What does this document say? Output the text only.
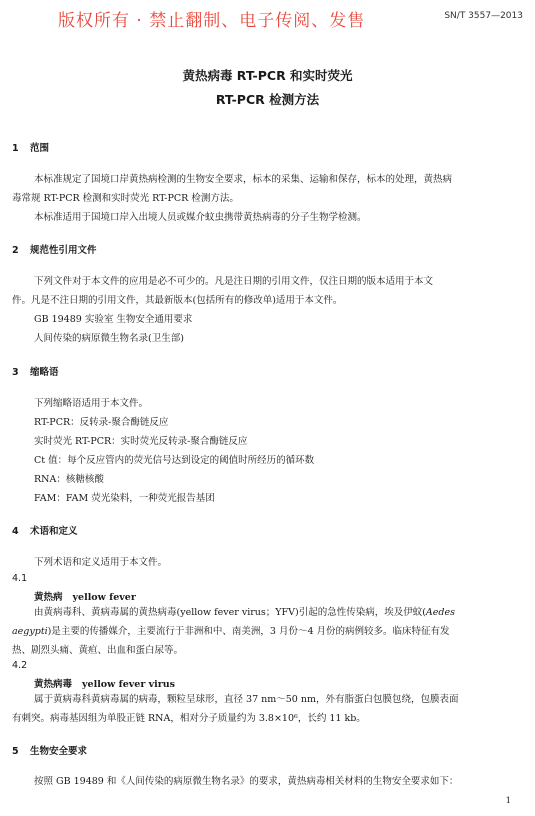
版权所有 · 禁止翻制、电子传阅、发售	SN/T 3557—2013
黄热病毒 RT-PCR 和实时荧光
RT-PCR 检测方法
1 范围
本标准规定了国境口岸黄热病检测的生物安全要求，标本的采集、运输和保存，标本的处理，黄热病
毒常规 RT-PCR 检测和实时荧光 RT-PCR 检测方法。
本标准适用于国境口岸入出境人员或媒介蚊虫携带黄热病毒的分子生物学检测。
2 规范性引用文件
下列文件对于本文件的应用是必不可少的。凡是注日期的引用文件，仅注日期的版本适用于本文
件。凡是不注日期的引用文件，其最新版本(包括所有的修改单)适用于本文件。
GB 19489 实验室 生物安全通用要求
人间传染的病原微生物名录(卫生部)
3 缩略语
下列缩略语适用于本文件。
RT-PCR：反转录-聚合酶链反应
实时荧光 RT-PCR：实时荧光反转录-聚合酶链反应
Ct 值：每个反应管内的荧光信号达到设定的阈值时所经历的循环数
RNA：核糖核酸
FAM：FAM 荧光染料，一种荧光报告基团
4 术语和定义
下列术语和定义适用于本文件。
4.1
黄热病 yellow fever
由黄病毒科、黄病毒属的黄热病毒(yellow fever virus；YFV)引起的急性传染病，埃及伊蚊(Aedes
aegypti)是主要的传播媒介，主要流行于非洲和中、南美洲，3 月份～4 月份的病例较多。临床特征有发
热、剧烈头痛、黄疸、出血和蛋白尿等。
4.2
黄热病毒 yellow fever virus
属于黄病毒科黄病毒属的病毒，颗粒呈球形，直径 37 nm～50 nm，外有脂蛋白包膜包绕，包膜表面
有刺突。病毒基因组为单股正链 RNA，相对分子质量约为 3.8×10⁶，长约 11 kb。
5 生物安全要求
按照 GB 19489 和《人间传染的病原微生物名录》的要求，黄热病毒相关材料的生物安全要求如下：
1
